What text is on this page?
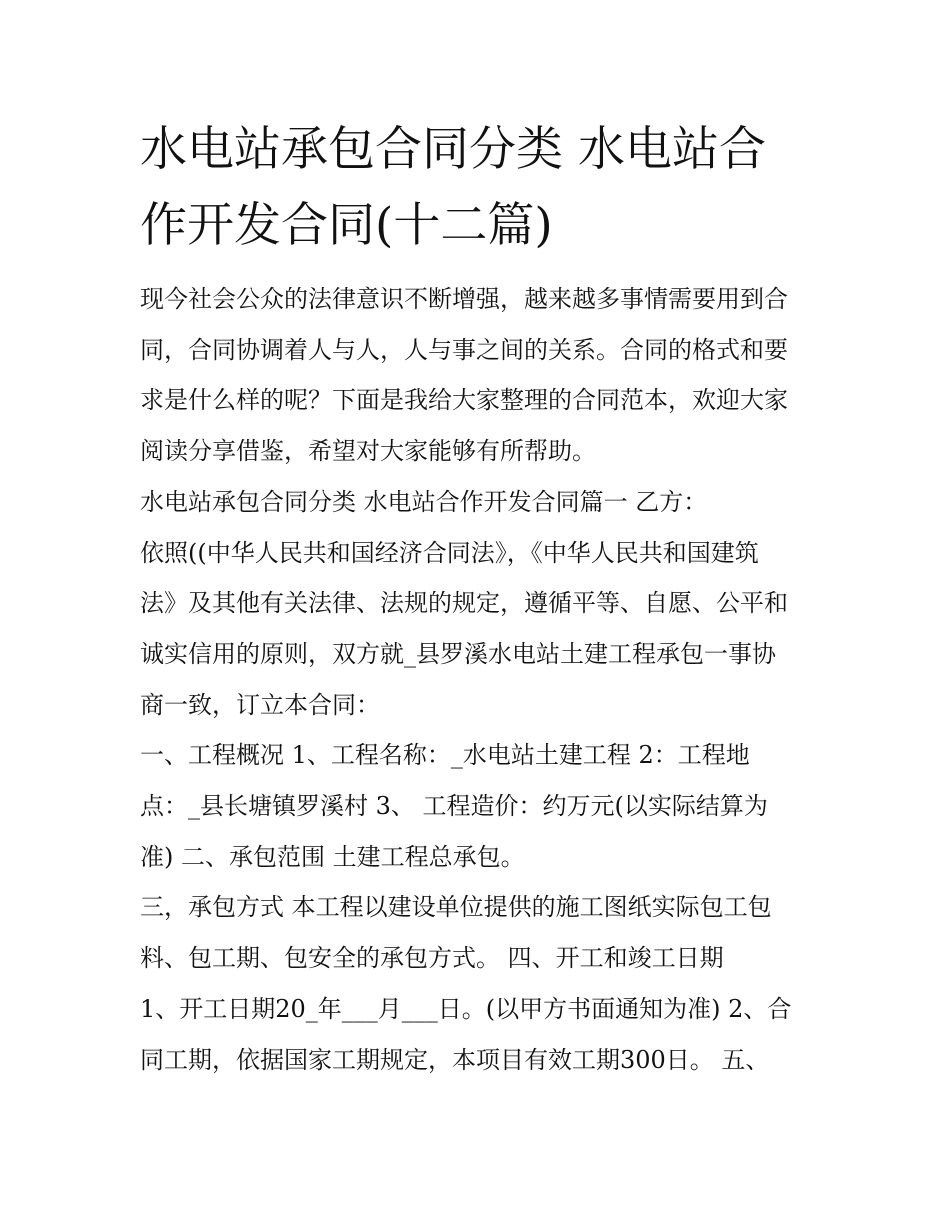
水电站承包合同分类 水电站合
作开发合同(十二篇)
现今社会公众的法律意识不断增强，越来越多事情需要用到合
同，合同协调着人与人，人与事之间的关系。合同的格式和要
求是什么样的呢？下面是我给大家整理的合同范本，欢迎大家
阅读分享借鉴，希望对大家能够有所帮助。
水电站承包合同分类 水电站合作开发合同篇一 乙方：
依照((中华人民共和国经济合同法》，《中华人民共和国建筑
法》及其他有关法律、法规的规定，遵循平等、自愿、公平和
诚实信用的原则，双方就_县罗溪水电站土建工程承包一事协
商一致，订立本合同：
一、工程概况 1、工程名称：_水电站土建工程 2：工程地
点：_县长塘镇罗溪村 3、 工程造价：约万元(以实际结算为
准) 二、承包范围 土建工程总承包。
三，承包方式 本工程以建设单位提供的施工图纸实际包工包
料、包工期、包安全的承包方式。 四、开工和竣工日期
1、开工日期20_年___月___日。(以甲方书面通知为准) 2、合
同工期，依据国家工期规定，本项目有效工期300日。 五、
